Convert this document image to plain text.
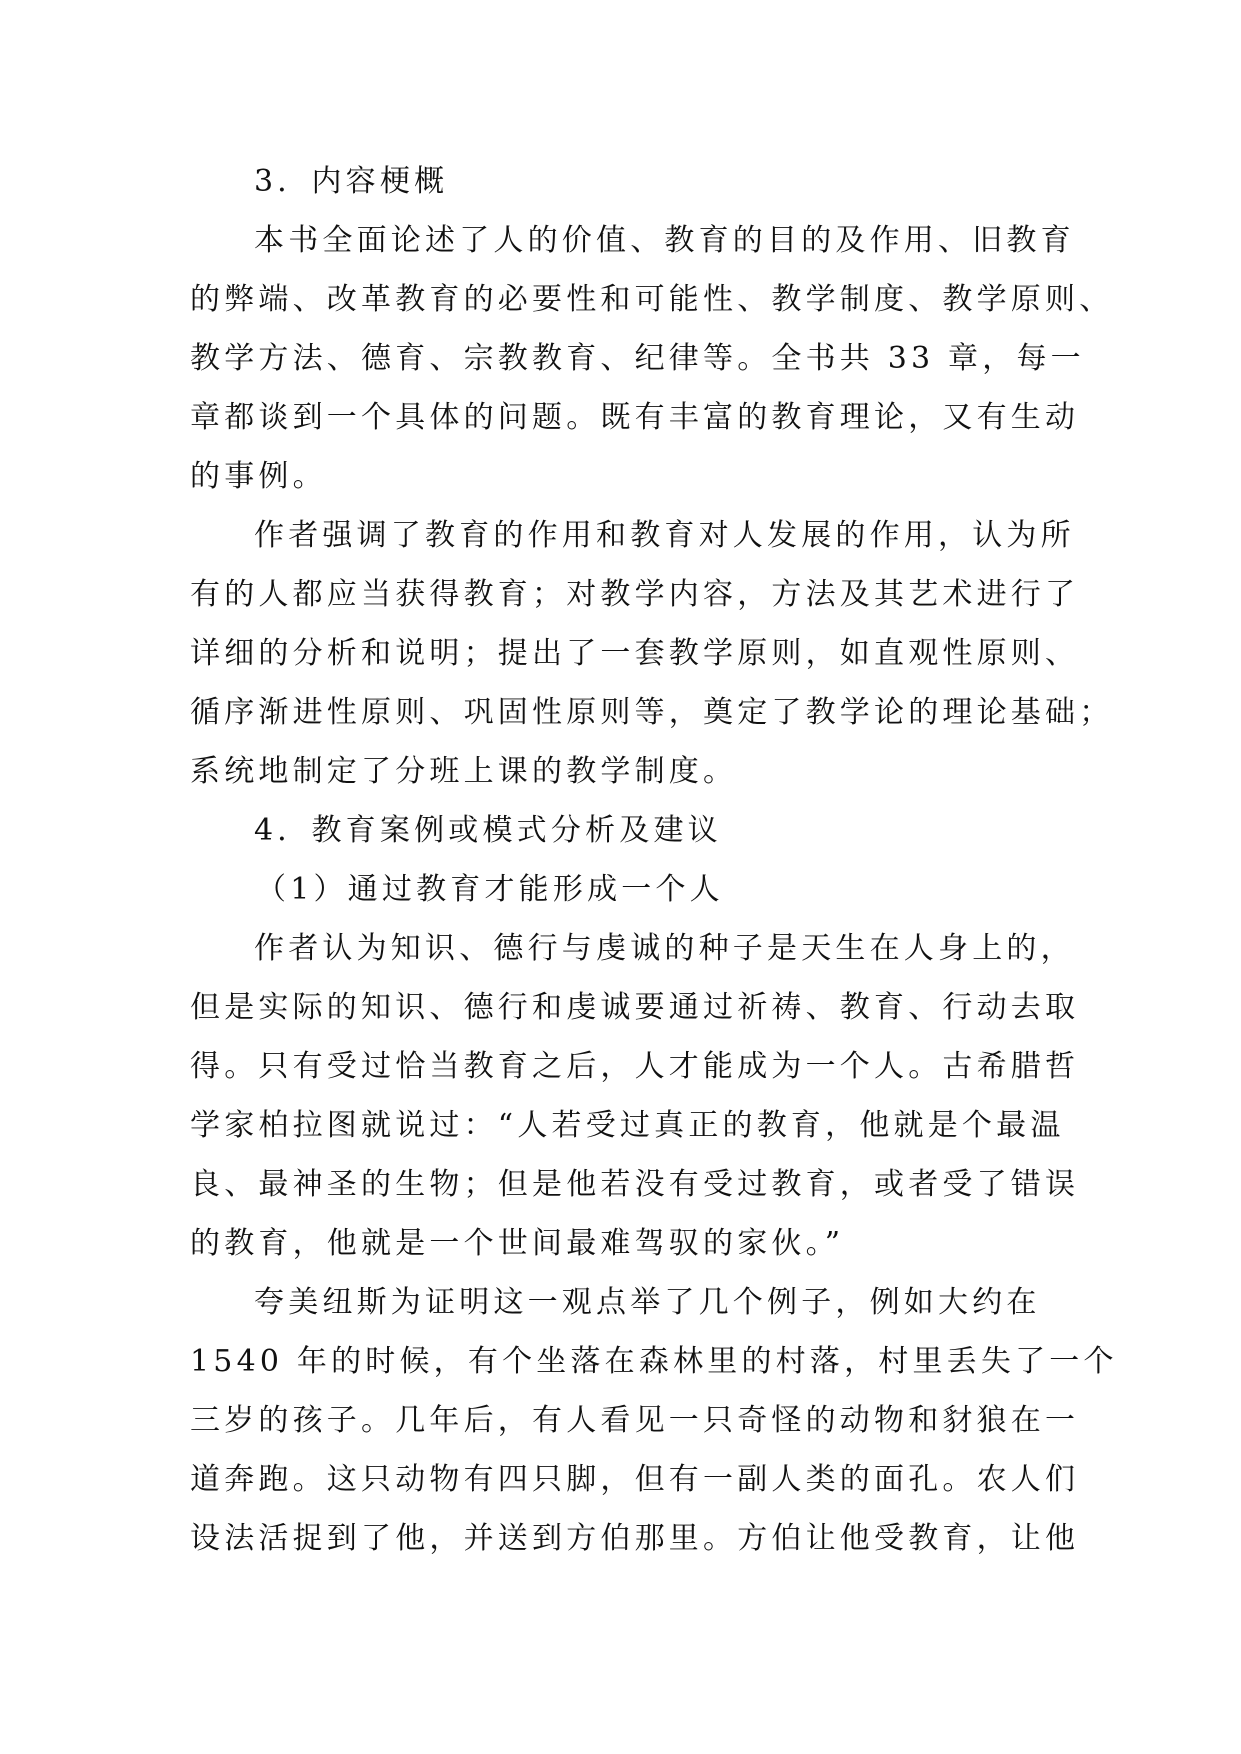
3．内容梗概

本书全面论述了人的价值、教育的目的及作用、旧教育

的弊端、改革教育的必要性和可能性、教学制度、教学原则、

教学方法、德育、宗教教育、纪律等。全书共 33 章，每一

章都谈到一个具体的问题。既有丰富的教育理论，又有生动

的事例。

作者强调了教育的作用和教育对人发展的作用，认为所

有的人都应当获得教育；对教学内容，方法及其艺术进行了

详细的分析和说明；提出了一套教学原则，如直观性原则、

循序渐进性原则、巩固性原则等，奠定了教学论的理论基础；

系统地制定了分班上课的教学制度。

4．教育案例或模式分析及建议

（1）通过教育才能形成一个人

作者认为知识、德行与虔诚的种子是天生在人身上的，

但是实际的知识、德行和虔诚要通过祈祷、教育、行动去取

得。只有受过恰当教育之后，人才能成为一个人。古希腊哲

学家柏拉图就说过：“人若受过真正的教育，他就是个最温

良、最神圣的生物；但是他若没有受过教育，或者受了错误

的教育，他就是一个世间最难驾驭的家伙。”

夸美纽斯为证明这一观点举了几个例子，例如大约在

1540 年的时候，有个坐落在森林里的村落，村里丢失了一个

三岁的孩子。几年后，有人看见一只奇怪的动物和豺狼在一

道奔跑。这只动物有四只脚，但有一副人类的面孔。农人们

设法活捉到了他，并送到方伯那里。方伯让他受教育，让他
